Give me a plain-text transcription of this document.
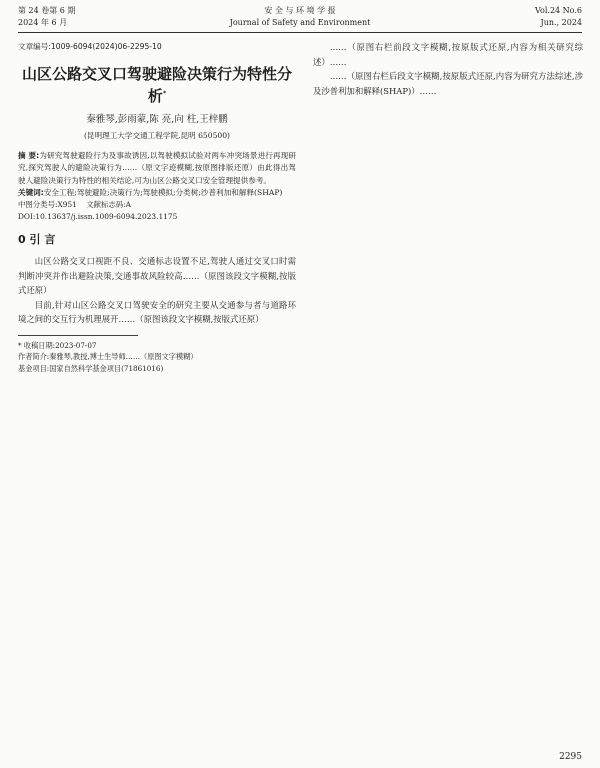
第 24 卷第 6 期
2024 年 6 月
安 全 与 环 境 学 报
Journal of Safety and Environment
Vol.24 No.6
Jun., 2024
文章编号:1009-6094(2024)06-2295-10
山区公路交叉口驾驶避险决策行为特性分析*
秦雅琴,彭雨蒙,陈 亮,向 柱,王梓鹏
(昆明理工大学交通工程学院,昆明 650500)
摘 要:为研究驾驶避险行为及事故诱因,以驾驶模拟试验对两车冲突场景进行再现研究,探究驾驶人的避险决策行为……（原文字迹模糊,按原图排版还原）由此得出驾驶人避险决策行为特性的相关结论,可为山区公路交叉口安全管理提供参考。
关键词:安全工程;驾驶避险;决策行为;驾驶模拟;分类树;沙普利加和解释(SHAP)
中图分类号:X951 文献标志码:A
DOI:10.13637/j.issn.1009-6094.2023.1175
0 引 言

山区公路交叉口视距不良、交通标志设置不足,驾驶人通过交叉口时需判断冲突并作出避险决策,交通事故风险较高……（原图该段文字模糊,按版式还原）

目前,针对山区公路交叉口驾驶安全的研究主要从交通参与者与道路环境之间的交互行为机理展开……（原图该段文字模糊,按版式还原）

* 收稿日期: 2023-07-07
作者简介: 秦雅琴,教授,博士生导师……（原图文字模糊）
基金项目: 国家自然科学基金项目(71861016)

……（原图右栏前段文字模糊,按原版式还原,内容为相关研究综述）……

……（原图右栏后段文字模糊,按原版式还原,内容为研究方法综述,涉及沙普利加和解释(SHAP)）……

2295
